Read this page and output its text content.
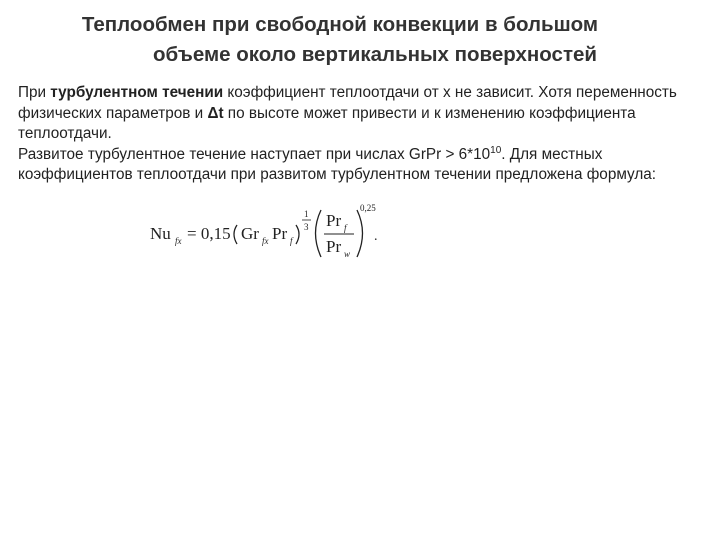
Теплообмен при свободной конвекции в большом
объеме около вертикальных поверхностей

При турбулентном течении коэффициент теплоотдачи от х не зависит. Хотя переменность физических параметров и Δt по высоте может привести и к изменению коэффициента теплоотдачи.

Развитое турбулентное течение наступает при числах GrPr > $6*10^{10}$. Для местных коэффициентов теплоотдачи при развитом турбулентном течении предложена формула:

Nu fx = 0,15 Gr fx Pr f
1
3 Pr f
Pr w
0,25
.
